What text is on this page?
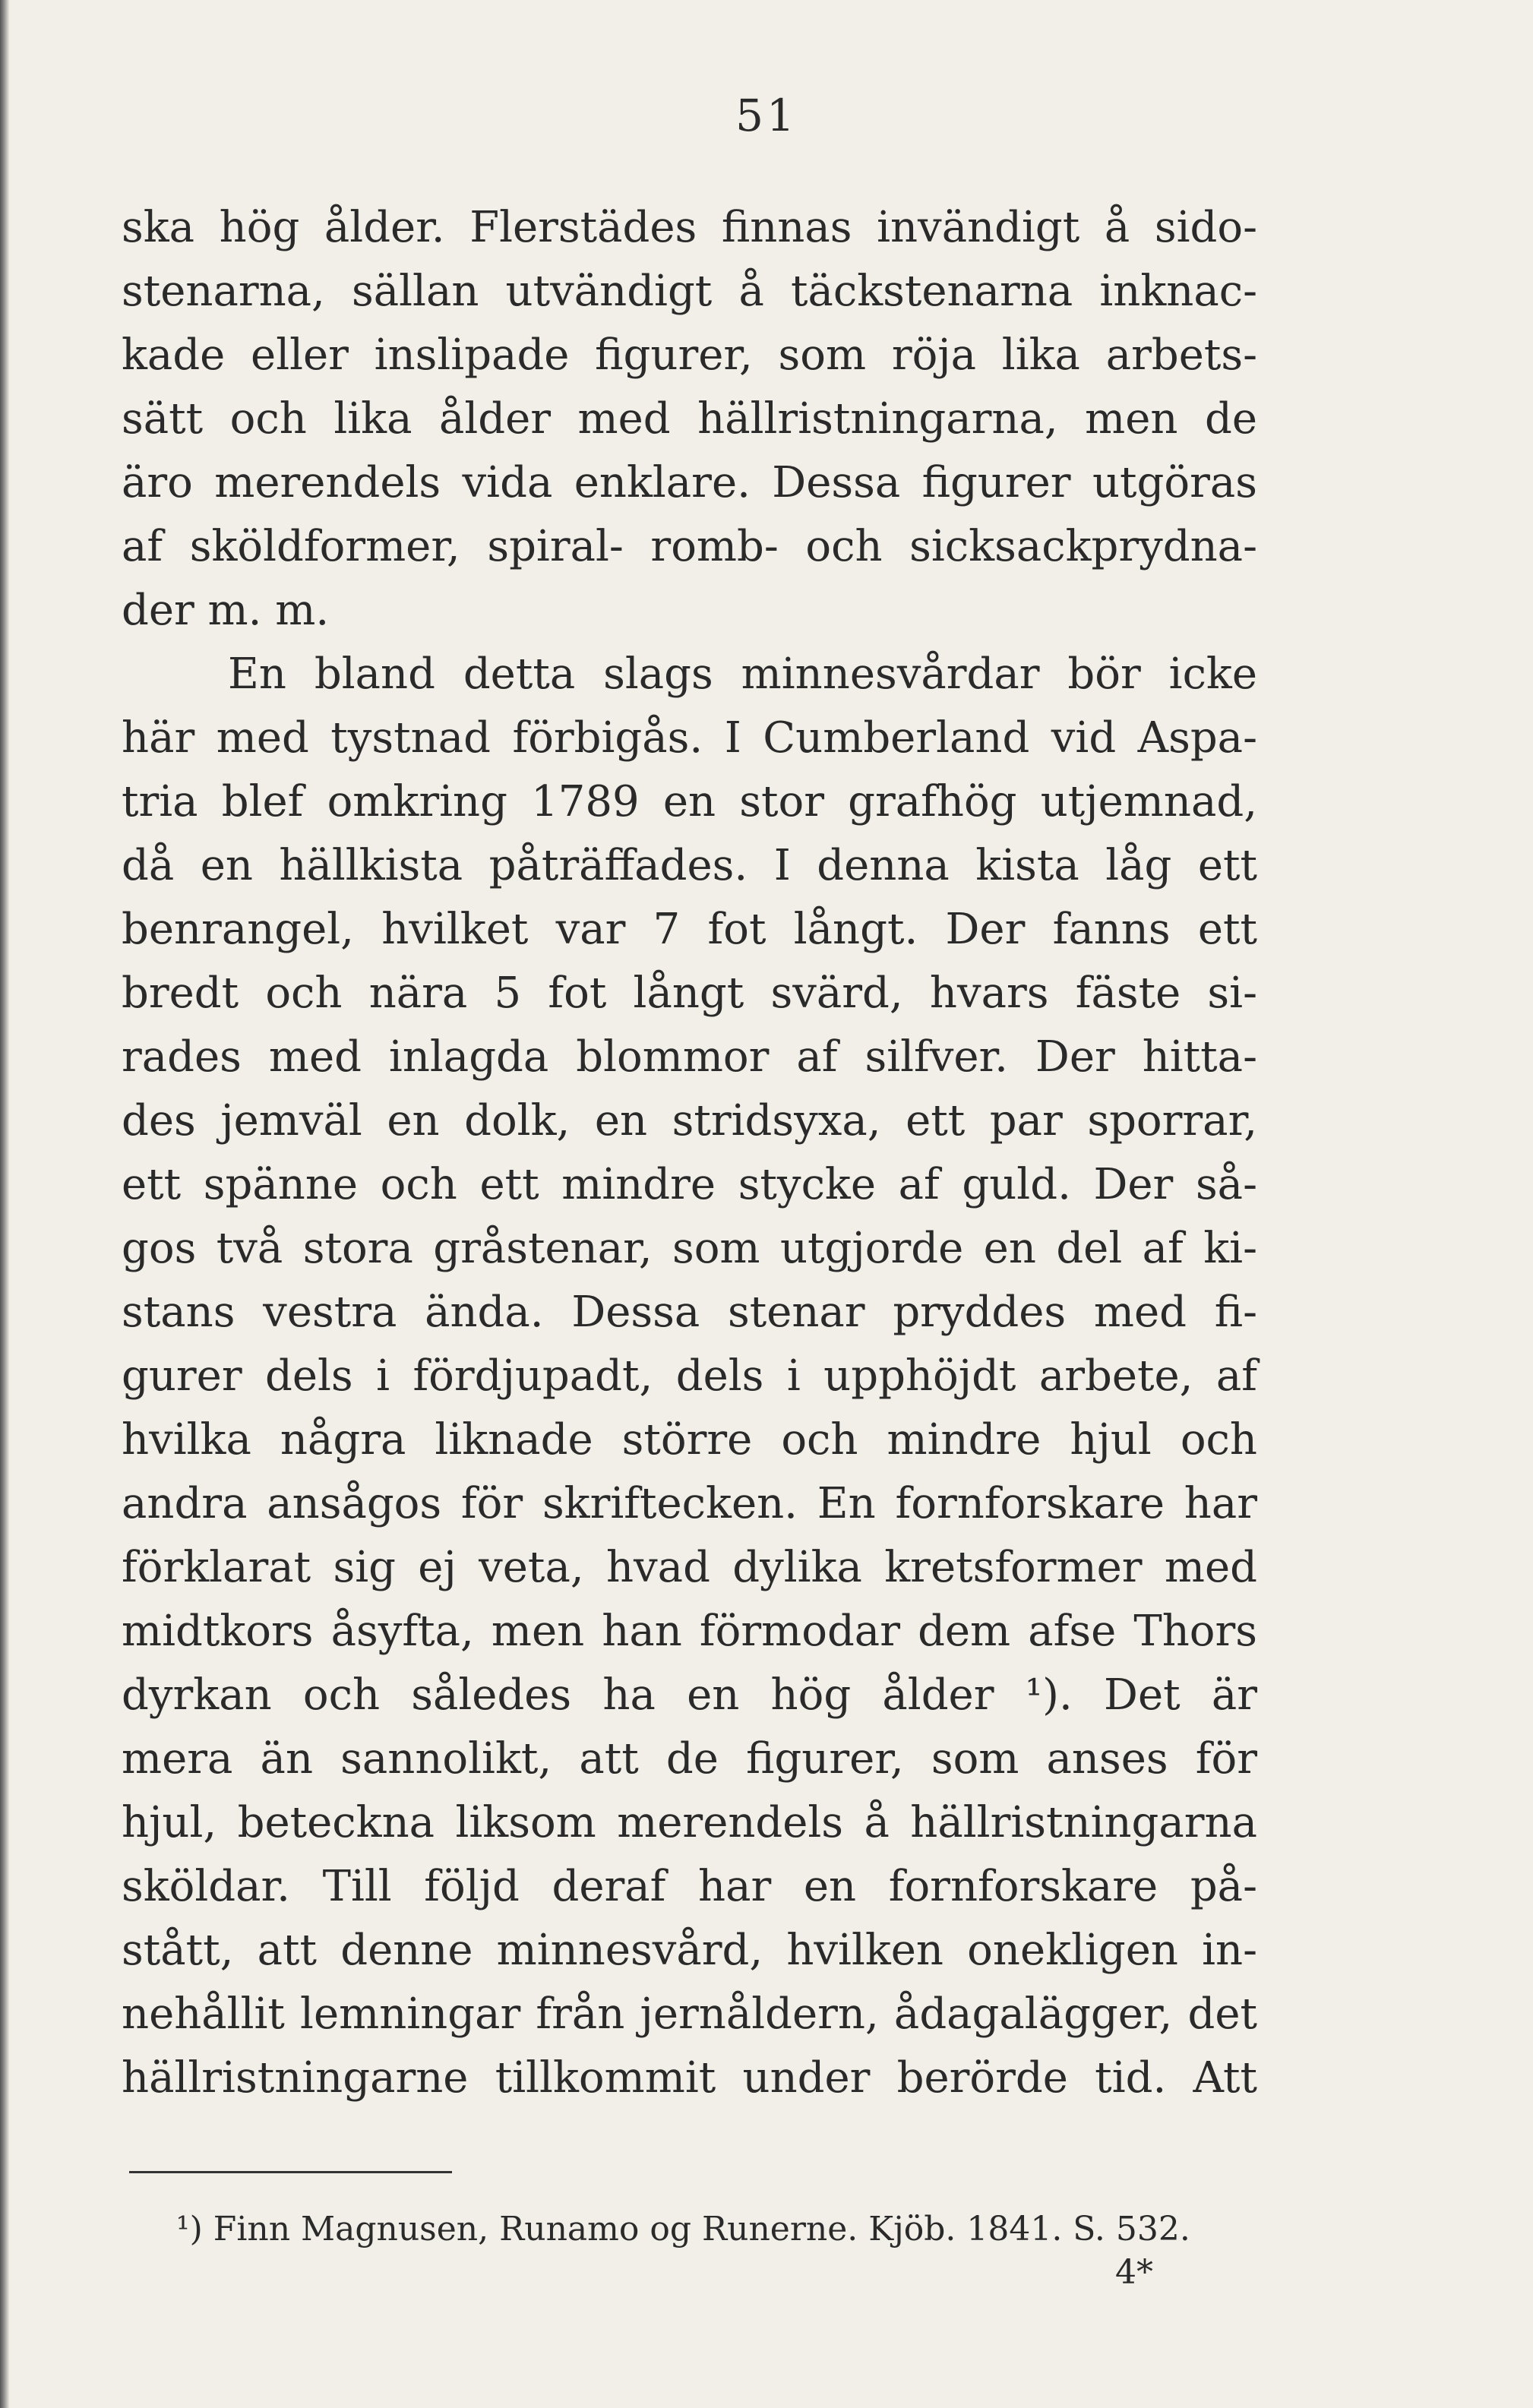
51
ska hög ålder. Flerstädes finnas invändigt å sido-
stenarna, sällan utvändigt å täckstenarna inknac-
kade eller inslipade figurer, som röja lika arbets-
sätt och lika ålder med hällristningarna, men de
äro merendels vida enklare. Dessa figurer utgöras
af sköldformer, spiral- romb- och sicksackprydna-
der m. m.
En bland detta slags minnesvårdar bör icke
här med tystnad förbigås. I Cumberland vid Aspa-
tria blef omkring 1789 en stor grafhög utjemnad,
då en hällkista påträffades. I denna kista låg ett
benrangel, hvilket var 7 fot långt. Der fanns ett
bredt och nära 5 fot långt svärd, hvars fäste si-
rades med inlagda blommor af silfver. Der hitta-
des jemväl en dolk, en stridsyxa, ett par sporrar,
ett spänne och ett mindre stycke af guld. Der så-
gos två stora gråstenar, som utgjorde en del af ki-
stans vestra ända. Dessa stenar pryddes med fi-
gurer dels i fördjupadt, dels i upphöjdt arbete, af
hvilka några liknade större och mindre hjul och
andra ansågos för skriftecken. En fornforskare har
förklarat sig ej veta, hvad dylika kretsformer med
midtkors åsyfta, men han förmodar dem afse Thors
dyrkan och således ha en hög ålder ¹). Det är
mera än sannolikt, att de figurer, som anses för
hjul, beteckna liksom merendels å hällristningarna
sköldar. Till följd deraf har en fornforskare på-
stått, att denne minnesvård, hvilken onekligen in-
nehållit lemningar från jernåldern, ådagalägger, det
hällristningarne tillkommit under berörde tid. Att
¹) Finn Magnusen, Runamo og Runerne. Kjöb. 1841. S. 532.
4*
